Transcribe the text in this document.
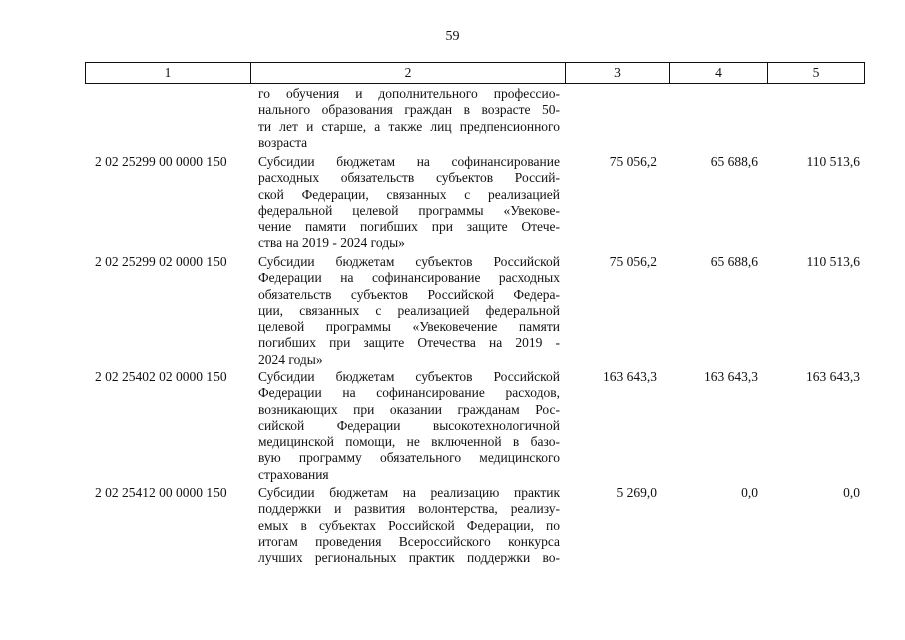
59
1	2	3	4	5
го обучения и дополнительного профессио-
нального образования граждан в возрасте 50-
ти лет и старше, а также лиц предпенсионного
возраста
2 02 25299 00 0000 150 Субсидии бюджетам на софинансирование
расходных обязательств субъектов Россий-
ской Федерации, связанных с реализацией
федеральной целевой программы «Увекове-
чение памяти погибших при защите Отече-
ства на 2019 - 2024 годы»
75 056,2	65 688,6	110 513,6
2 02 25299 02 0000 150 Субсидии бюджетам субъектов Российской
Федерации на софинансирование расходных
обязательств субъектов Российской Федера-
ции, связанных с реализацией федеральной
целевой программы «Увековечение памяти
погибших при защите Отечества на 2019 -
2024 годы»
75 056,2	65 688,6	110 513,6
2 02 25402 02 0000 150 Субсидии бюджетам субъектов Российской
Федерации на софинансирование расходов,
возникающих при оказании гражданам Рос-
сийской Федерации высокотехнологичной
медицинской помощи, не включенной в базо-
вую программу обязательного медицинского
страхования
163 643,3	163 643,3	163 643,3
2 02 25412 00 0000 150 Субсидии бюджетам на реализацию практик
поддержки и развития волонтерства, реализу-
емых в субъектах Российской Федерации, по
итогам проведения Всероссийского конкурса
лучших региональных практик поддержки во-
5 269,0	0,0	0,0
